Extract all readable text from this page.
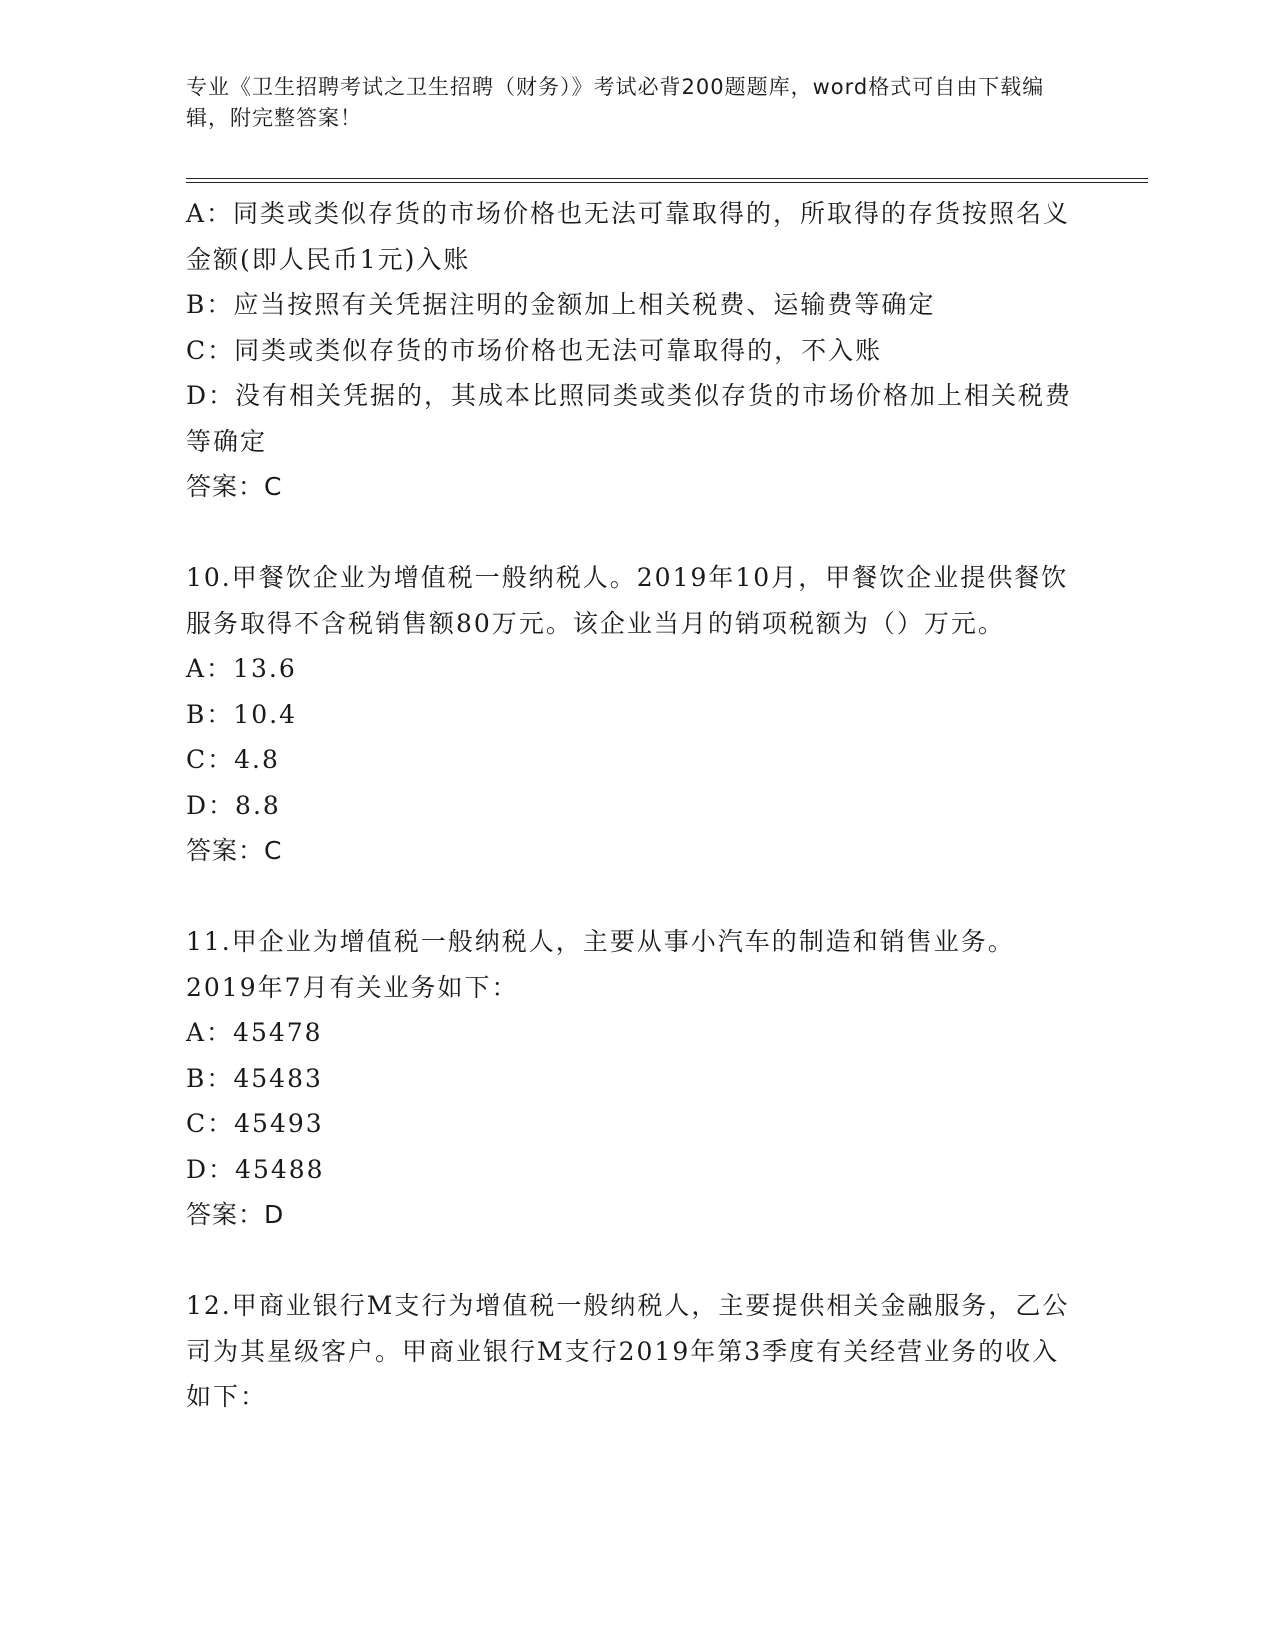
专业《卫生招聘考试之卫生招聘（财务）》考试必背200题题库，word格式可自由下载编辑，附完整答案！

A：同类或类似存货的市场价格也无法可靠取得的，所取得的存货按照名义金额(即人民币1元)入账

B：应当按照有关凭据注明的金额加上相关税费、运输费等确定

C：同类或类似存货的市场价格也无法可靠取得的，不入账

D：没有相关凭据的，其成本比照同类或类似存货的市场价格加上相关税费等确定

答案：C

10.甲餐饮企业为增值税一般纳税人。2019年10月，甲餐饮企业提供餐饮服务取得不含税销售额80万元。该企业当月的销项税额为（）万元。

A：13.6

B：10.4

C：4.8

D：8.8

答案：C

11.甲企业为增值税一般纳税人，主要从事小汽车的制造和销售业务。2019年7月有关业务如下：

A：45478

B：45483

C：45493

D：45488

答案：D

12.甲商业银行M支行为增值税一般纳税人，主要提供相关金融服务，乙公司为其星级客户。甲商业银行M支行2019年第3季度有关经营业务的收入如下：
